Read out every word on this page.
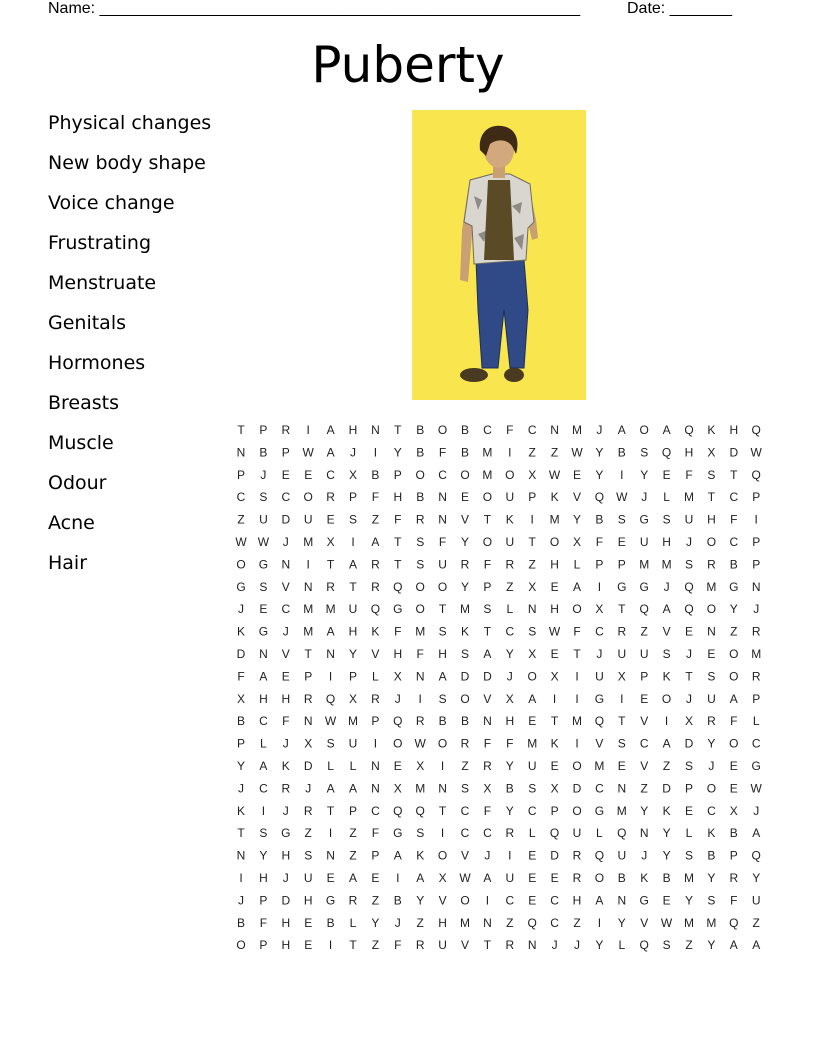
Name: ______________________________________________________	Date: _______
Puberty
Physical changes
New body shape
Voice change
Frustrating
Menstruate
Genitals
Hormones
Breasts
Muscle
Odour
Acne
Hair
T P R I A H N T B O B C F C N M J A O A Q K H Q
N B P W A J I Y B F B M I Z Z W Y B S Q H X D W
P J E E C X B P O C O M O X W E Y I Y E F S T Q
C S C O R P F H B N E O U P K V Q W J L M T C P
Z U D U E S Z F R N V T K I M Y B S G S U H F I
W W J M X I A T S F Y O U T O X F E U H J O C P
O G N I T A R T S U R F R Z H L P P M M S R B P
G S V N R T R Q O O Y P Z X E A I G G J Q M G N
J E C M M U Q G O T M S L N H O X T Q A Q O Y J
K G J M A H K F M S K T C S W F C R Z V E N Z R
D N V T N Y V H F H S A Y X E T J U U S J E O M
F A E P I P L X N A D D J O X I U X P K T S O R
X H H R Q X R J I S O V X A I I G I E O J U A P
B C F N W M P Q R B B N H E T M Q T V I X R F L
P L J X S U I O W O R F F M K I V S C A D Y O C
Y A K D L L N E X I Z R Y U E O M E V Z S J E G
J C R J A A N X M N S X B S X D C N Z D P O E W
K I J R T P C Q Q T C F Y C P O G M Y K E C X J
T S G Z I Z F G S I C C R L Q U L Q N Y L K B A
N Y H S N Z P A K O V J I E D R Q U J Y S B P Q
I H J U E A E I A X W A U E E R O B K B M Y R Y
J P D H G R Z B Y V O I C E C H A N G E Y S F U
B F H E B L Y J Z H M N Z Q C Z I Y V W M M Q Z
O P H E I T Z F R U V T R N J J Y L Q S Z Y A A
